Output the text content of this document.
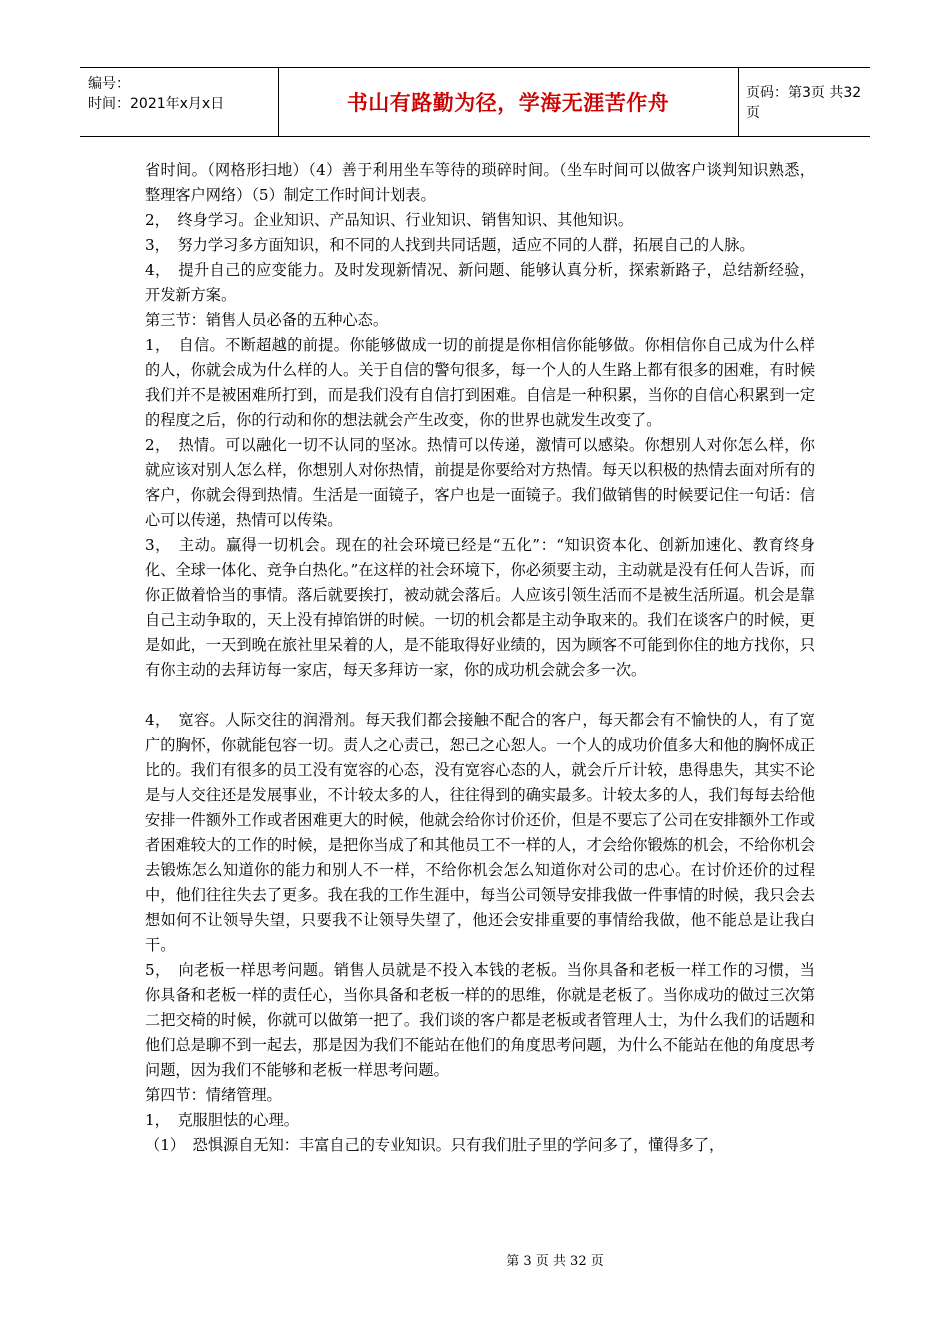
编号：
时间：2021年x月x日	书山有路勤为径，学海无涯苦作舟	页码：第3页 共32页

省时间。（网格形扫地）（4）善于利用坐车等待的琐碎时间。（坐车时间可以做客户谈判知识熟悉，整理客户网络）（5）制定工作时间计划表。

2，　终身学习。企业知识、产品知识、行业知识、销售知识、其他知识。

3，　努力学习多方面知识，和不同的人找到共同话题，适应不同的人群，拓展自己的人脉。

4，　提升自己的应变能力。及时发现新情况、新问题、能够认真分析，探索新路子，总结新经验，开发新方案。

第三节：销售人员必备的五种心态。

1，　自信。不断超越的前提。你能够做成一切的前提是你相信你能够做。你相信你自己成为什么样的人，你就会成为什么样的人。关于自信的警句很多，每一个人的人生路上都有很多的困难，有时候我们并不是被困难所打到，而是我们没有自信打到困难。自信是一种积累，当你的自信心积累到一定的程度之后，你的行动和你的想法就会产生改变，你的世界也就发生改变了。

2，　热情。可以融化一切不认同的坚冰。热情可以传递，激情可以感染。你想别人对你怎么样，你就应该对别人怎么样，你想别人对你热情，前提是你要给对方热情。每天以积极的热情去面对所有的客户，你就会得到热情。生活是一面镜子，客户也是一面镜子。我们做销售的时候要记住一句话：信心可以传递，热情可以传染。

3，　主动。赢得一切机会。现在的社会环境已经是“五化”：“知识资本化、创新加速化、教育终身化、全球一体化、竞争白热化。”在这样的社会环境下，你必须要主动，主动就是没有任何人告诉，而你正做着恰当的事情。落后就要挨打，被动就会落后。人应该引领生活而不是被生活所逼。机会是靠自己主动争取的，天上没有掉馅饼的时候。一切的机会都是主动争取来的。我们在谈客户的时候，更是如此，一天到晚在旅社里呆着的人，是不能取得好业绩的，因为顾客不可能到你住的地方找你，只有你主动的去拜访每一家店，每天多拜访一家，你的成功机会就会多一次。

4，　宽容。人际交往的润滑剂。每天我们都会接触不配合的客户，每天都会有不愉快的人，有了宽广的胸怀，你就能包容一切。责人之心责己，恕己之心恕人。一个人的成功价值多大和他的胸怀成正比的。我们有很多的员工没有宽容的心态，没有宽容心态的人，就会斤斤计较，患得患失，其实不论是与人交往还是发展事业，不计较太多的人，往往得到的确实最多。计较太多的人，我们每每去给他安排一件额外工作或者困难更大的时候，他就会给你讨价还价，但是不要忘了公司在安排额外工作或者困难较大的工作的时候，是把你当成了和其他员工不一样的人，才会给你锻炼的机会，不给你机会去锻炼怎么知道你的能力和别人不一样，不给你机会怎么知道你对公司的忠心。在讨价还价的过程中，他们往往失去了更多。我在我的工作生涯中，每当公司领导安排我做一件事情的时候，我只会去想如何不让领导失望，只要我不让领导失望了，他还会安排重要的事情给我做，他不能总是让我白干。

5，　向老板一样思考问题。销售人员就是不投入本钱的老板。当你具备和老板一样工作的习惯，当你具备和老板一样的责任心，当你具备和老板一样的的思维，你就是老板了。当你成功的做过三次第二把交椅的时候，你就可以做第一把了。我们谈的客户都是老板或者管理人士，为什么我们的话题和他们总是聊不到一起去，那是因为我们不能站在他们的角度思考问题，为什么不能站在他的角度思考问题，因为我们不能够和老板一样思考问题。

第四节：情绪管理。

1，　克服胆怯的心理。

（1）　恐惧源自无知：丰富自己的专业知识。只有我们肚子里的学问多了，懂得多了，

第 3 页 共 32 页
